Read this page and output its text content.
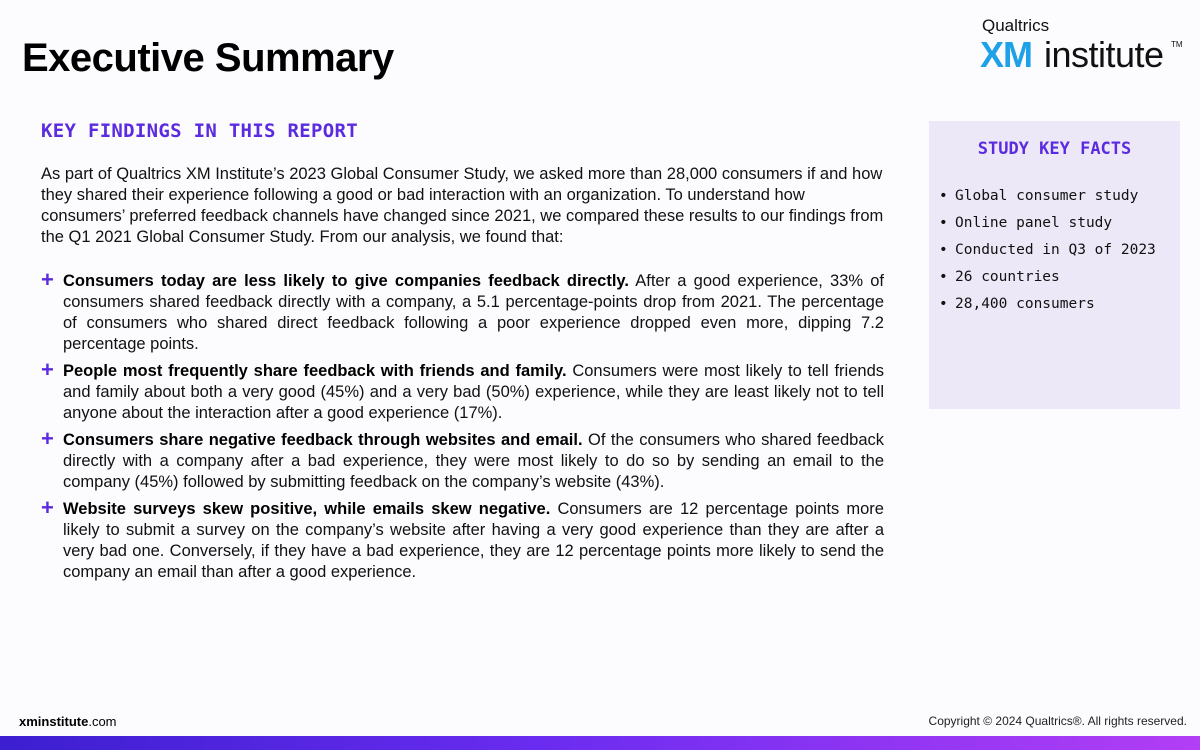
Executive Summary
Qualtrics
XM institute TM
KEY FINDINGS IN THIS REPORT

As part of Qualtrics XM Institute’s 2023 Global Consumer Study, we asked more than 28,000 consumers if and how they shared their experience following a good or bad interaction with an organization. To understand how consumers’ preferred feedback channels have changed since 2021, we compared these results to our findings from the Q1 2021 Global Consumer Study. From our analysis, we found that:

+ Consumers today are less likely to give companies feedback directly. After a good experience, 33% of consumers shared feedback directly with a company, a 5.1 percentage-points drop from 2021. The percentage of consumers who shared direct feedback following a poor experience dropped even more, dipping 7.2 percentage points.
+ People most frequently share feedback with friends and family. Consumers were most likely to tell friends and family about both a very good (45%) and a very bad (50%) experience, while they are least likely not to tell anyone about the interaction after a good experience (17%).
+ Consumers share negative feedback through websites and email. Of the consumers who shared feedback directly with a company after a bad experience, they were most likely to do so by sending an email to the company (45%) followed by submitting feedback on the company’s website (43%).
+ Website surveys skew positive, while emails skew negative. Consumers are 12 percentage points more likely to submit a survey on the company’s website after having a very good experience than they are after a very bad one. Conversely, if they have a bad experience, they are 12 percentage points more likely to send the company an email than after a good experience.
STUDY KEY FACTS
• Global consumer study
• Online panel study
• Conducted in Q3 of 2023
• 26 countries
• 28,400 consumers
xminstitute.com	Copyright © 2024 Qualtrics®. All rights reserved.
